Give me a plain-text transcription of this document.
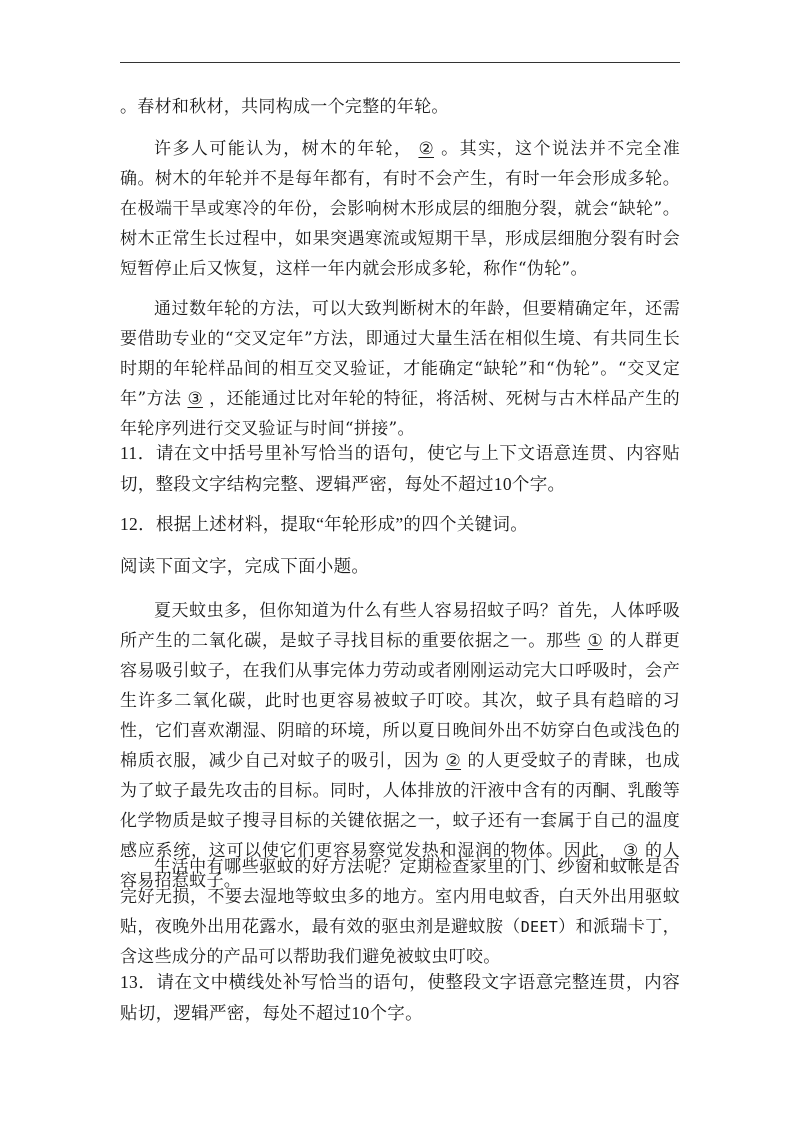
。春材和秋材，共同构成一个完整的年轮。

许多人可能认为，树木的年轮， ② 。其实，这个说法并不完全准确。树木的年轮并不是每年都有，有时不会产生，有时一年会形成多轮。在极端干旱或寒冷的年份，会影响树木形成层的细胞分裂，就会“缺轮”。树木正常生长过程中，如果突遇寒流或短期干旱，形成层细胞分裂有时会短暂停止后又恢复，这样一年内就会形成多轮，称作“伪轮”。

通过数年轮的方法，可以大致判断树木的年龄，但要精确定年，还需要借助专业的“交叉定年”方法，即通过大量生活在相似生境、有共同生长时期的年轮样品间的相互交叉验证，才能确定“缺轮”和“伪轮”。“交叉定年”方法 ③ ，还能通过比对年轮的特征，将活树、死树与古木样品产生的年轮序列进行交叉验证与时间“拼接”。

11．请在文中括号里补写恰当的语句，使它与上下文语意连贯、内容贴切，整段文字结构完整、逻辑严密，每处不超过10个字。

12．根据上述材料，提取“年轮形成”的四个关键词。

阅读下面文字，完成下面小题。

夏天蚊虫多，但你知道为什么有些人容易招蚊子吗？首先，人体呼吸所产生的二氧化碳，是蚊子寻找目标的重要依据之一。那些 ① 的人群更容易吸引蚊子，在我们从事完体力劳动或者刚刚运动完大口呼吸时，会产生许多二氧化碳，此时也更容易被蚊子叮咬。其次，蚊子具有趋暗的习性，它们喜欢潮湿、阴暗的环境，所以夏日晚间外出不妨穿白色或浅色的棉质衣服，减少自己对蚊子的吸引，因为 ② 的人更受蚊子的青睐，也成为了蚊子最先攻击的目标。同时，人体排放的汗液中含有的丙酮、乳酸等化学物质是蚊子搜寻目标的关键依据之一，蚊子还有一套属于自己的温度感应系统，这可以使它们更容易察觉发热和湿润的物体。因此， ③ 的人容易招惹蚊子。

生活中有哪些驱蚊的好方法呢？定期检查家里的门、纱窗和蚊帐是否完好无损，不要去湿地等蚊虫多的地方。室内用电蚊香，白天外出用驱蚊贴，夜晚外出用花露水，最有效的驱虫剂是避蚊胺（DEET）和派瑞卡丁，含这些成分的产品可以帮助我们避免被蚊虫叮咬。

13．请在文中横线处补写恰当的语句，使整段文字语意完整连贯，内容贴切，逻辑严密，每处不超过10个字。
